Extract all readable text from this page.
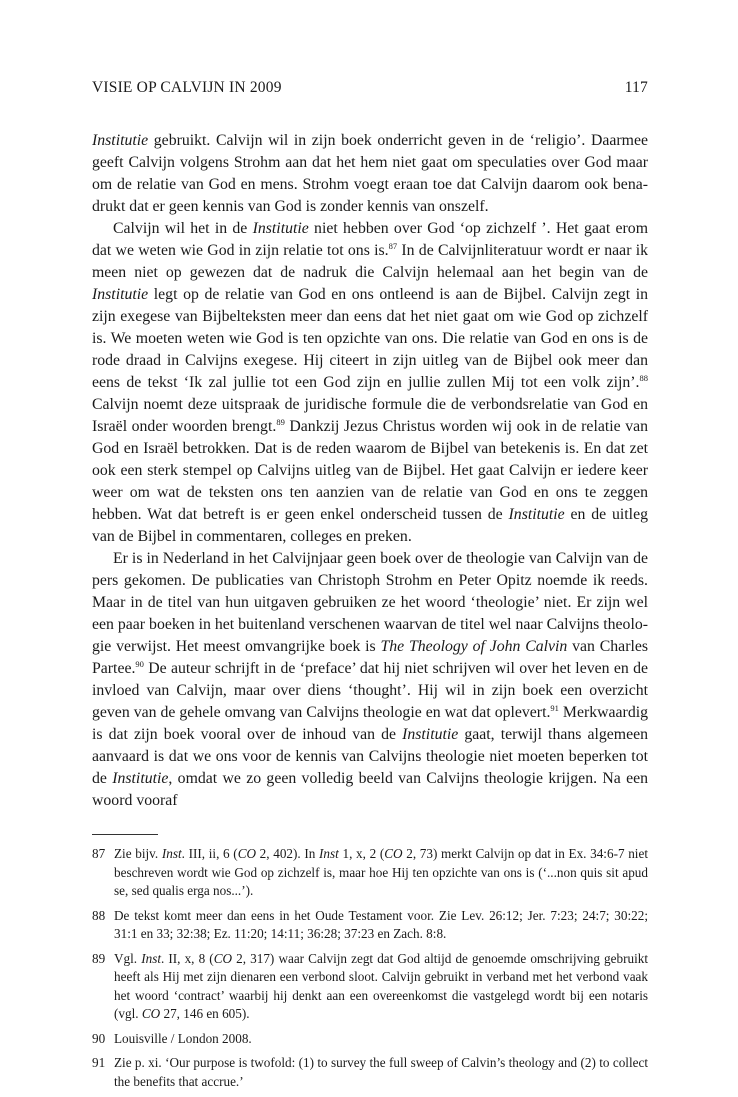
VISIE OP CALVIJN IN 2009	117

Institutie gebruikt. Calvijn wil in zijn boek onderricht geven in de ‘religio’. Daarmee geeft Calvijn volgens Strohm aan dat het hem niet gaat om speculaties over God maar om de relatie van God en mens. Strohm voegt eraan toe dat Calvijn daarom ook benadrukt dat er geen kennis van God is zonder kennis van onszelf.

Calvijn wil het in de Institutie niet hebben over God ‘op zichzelf ’. Het gaat erom dat we weten wie God in zijn relatie tot ons is.$^{87}$ In de Calvijnliteratuur wordt er naar ik meen niet op gewezen dat de nadruk die Calvijn helemaal aan het begin van de Institutie legt op de relatie van God en ons ontleend is aan de Bijbel. Calvijn zegt in zijn exegese van Bijbelteksten meer dan eens dat het niet gaat om wie God op zichzelf is. We moeten weten wie God is ten opzichte van ons. Die relatie van God en ons is de rode draad in Calvijns exegese. Hij citeert in zijn uitleg van de Bijbel ook meer dan eens de tekst ‘Ik zal jullie tot een God zijn en jullie zullen Mij tot een volk zijn’.$^{88}$ Calvijn noemt deze uitspraak de juridische formule die de verbondsrelatie van God en Israël onder woorden brengt.$^{89}$ Dankzij Jezus Christus worden wij ook in de relatie van God en Israël betrokken. Dat is de reden waarom de Bijbel van betekenis is. En dat zet ook een sterk stempel op Calvijns uitleg van de Bijbel. Het gaat Calvijn er iedere keer weer om wat de teksten ons ten aanzien van de relatie van God en ons te zeggen hebben. Wat dat betreft is er geen enkel onderscheid tussen de Institutie en de uitleg van de Bijbel in commentaren, colleges en preken.

Er is in Nederland in het Calvijnjaar geen boek over de theologie van Calvijn van de pers gekomen. De publicaties van Christoph Strohm en Peter Opitz noemde ik reeds. Maar in de titel van hun uitgaven gebruiken ze het woord ‘theologie’ niet. Er zijn wel een paar boeken in het buitenland verschenen waarvan de titel wel naar Calvijns theologie verwijst. Het meest omvangrijke boek is The Theology of John Calvin van Charles Partee.$^{90}$ De auteur schrijft in de ‘preface’ dat hij niet schrijven wil over het leven en de invloed van Calvijn, maar over diens ‘thought’. Hij wil in zijn boek een overzicht geven van de gehele omvang van Calvijns theologie en wat dat oplevert.$^{91}$ Merkwaardig is dat zijn boek vooral over de inhoud van de Institutie gaat, terwijl thans algemeen aanvaard is dat we ons voor de kennis van Calvijns theologie niet moeten beperken tot de Institutie, omdat we zo geen volledig beeld van Calvijns theologie krijgen. Na een woord vooraf

87 Zie bijv. Inst. III, ii, 6 (CO 2, 402). In Inst 1, x, 2 (CO 2, 73) merkt Calvijn op dat in Ex. 34:6-7 niet beschreven wordt wie God op zichzelf is, maar hoe Hij ten opzichte van ons is (‘...non quis sit apud se, sed qualis erga nos...’).
88 De tekst komt meer dan eens in het Oude Testament voor. Zie Lev. 26:12; Jer. 7:23; 24:7; 30:22; 31:1 en 33; 32:38; Ez. 11:20; 14:11; 36:28; 37:23 en Zach. 8:8.
89 Vgl. Inst. II, x, 8 (CO 2, 317) waar Calvijn zegt dat God altijd de genoemde omschrijving gebruikt heeft als Hij met zijn dienaren een verbond sloot. Calvijn gebruikt in verband met het verbond vaak het woord ‘contract’ waarbij hij denkt aan een overeenkomst die vastgelegd wordt bij een notaris (vgl. CO 27, 146 en 605).
90 Louisville / London 2008.
91 Zie p. xi. ‘Our purpose is twofold: (1) to survey the full sweep of Calvin’s theology and (2) to collect the benefits that accrue.’
